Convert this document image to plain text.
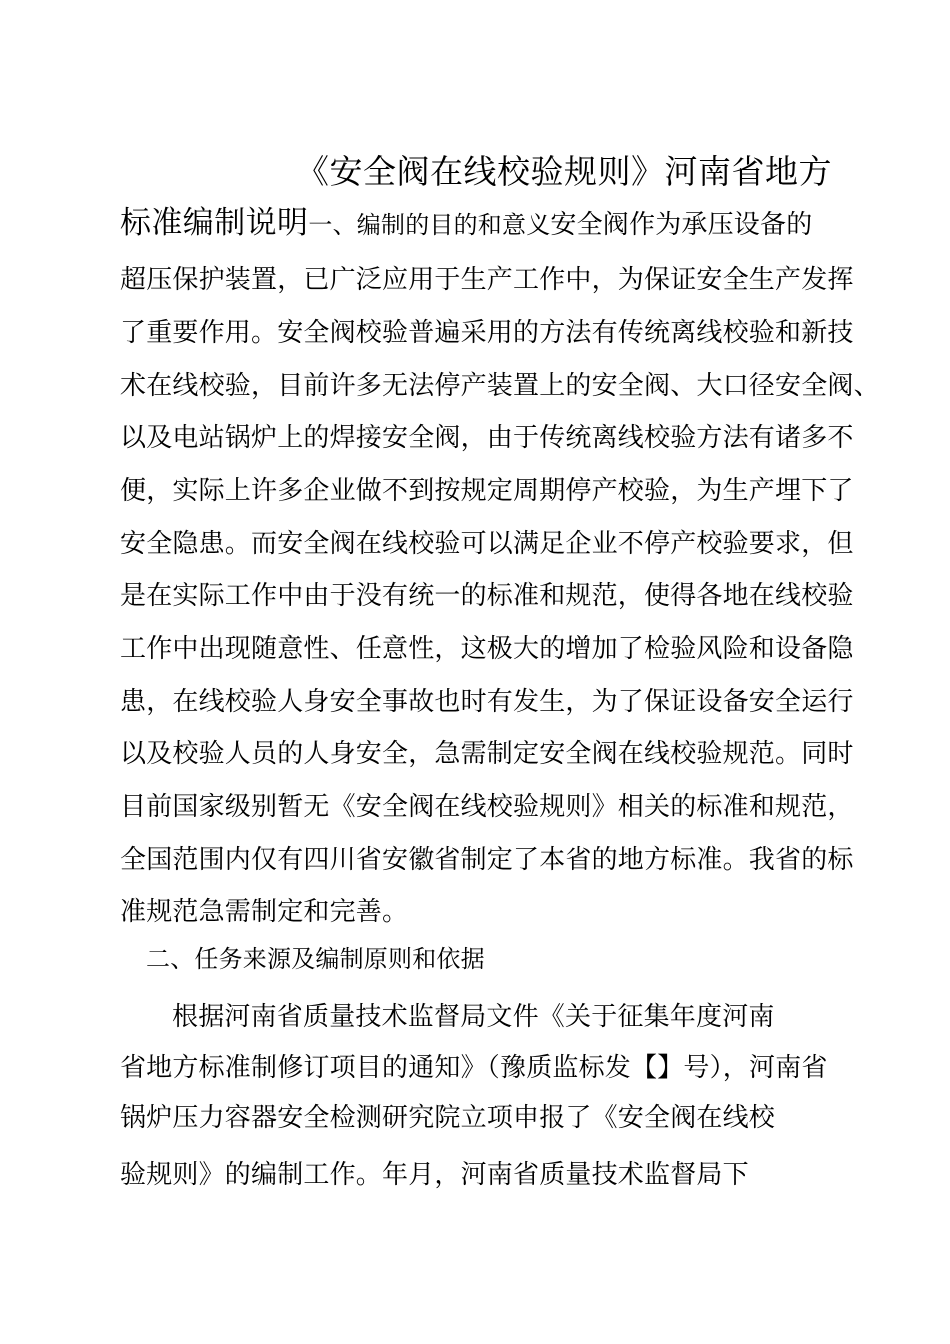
《安全阀在线校验规则》河南省地方
标准编制说明一、编制的目的和意义安全阀作为承压设备的
超压保护装置，已广泛应用于生产工作中，为保证安全生产发挥
了重要作用。安全阀校验普遍采用的方法有传统离线校验和新技
术在线校验，目前许多无法停产装置上的安全阀、大口径安全阀、
以及电站锅炉上的焊接安全阀，由于传统离线校验方法有诸多不
便，实际上许多企业做不到按规定周期停产校验，为生产埋下了
安全隐患。而安全阀在线校验可以满足企业不停产校验要求，但
是在实际工作中由于没有统一的标准和规范，使得各地在线校验
工作中出现随意性、任意性，这极大的增加了检验风险和设备隐
患，在线校验人身安全事故也时有发生，为了保证设备安全运行
以及校验人员的人身安全，急需制定安全阀在线校验规范。同时
目前国家级别暂无《安全阀在线校验规则》相关的标准和规范，
全国范围内仅有四川省安徽省制定了本省的地方标准。我省的标
准规范急需制定和完善。
二、任务来源及编制原则和依据
根据河南省质量技术监督局文件《关于征集年度河南
省地方标准制修订项目的通知》（豫质监标发【】号），河南省
锅炉压力容器安全检测研究院立项申报了《安全阀在线校
验规则》的编制工作。年月，河南省质量技术监督局下
